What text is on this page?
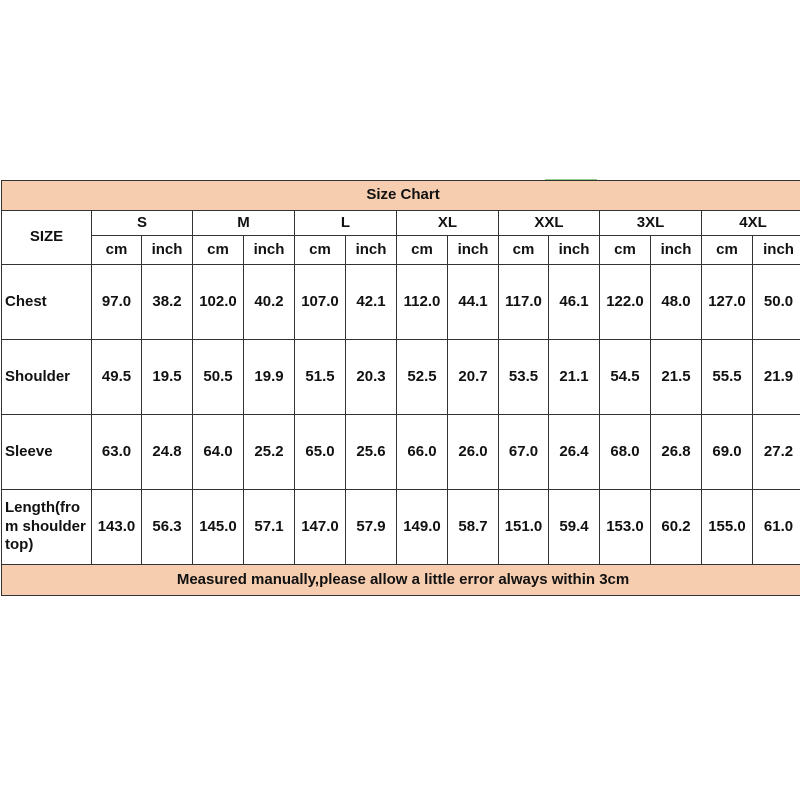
Size Chart														
SIZE	S		M		L		XL		XXL		3XL		4XL	
	cm	inch	cm	inch	cm	inch	cm	inch	cm	inch	cm	inch	cm	inch
Chest	97.0	38.2	102.0	40.2	107.0	42.1	112.0	44.1	117.0	46.1	122.0	48.0	127.0	50.0
Shoulder	49.5	19.5	50.5	19.9	51.5	20.3	52.5	20.7	53.5	21.1	54.5	21.5	55.5	21.9
Sleeve	63.0	24.8	64.0	25.2	65.0	25.6	66.0	26.0	67.0	26.4	68.0	26.8	69.0	27.2

Length(fro
m shoulder
top)	143.0	56.3	145.0	57.1	147.0	57.9	149.0	58.7	151.0	59.4	153.0	60.2	155.0	61.0
Measured manually,please allow a little error always within 3cm														
